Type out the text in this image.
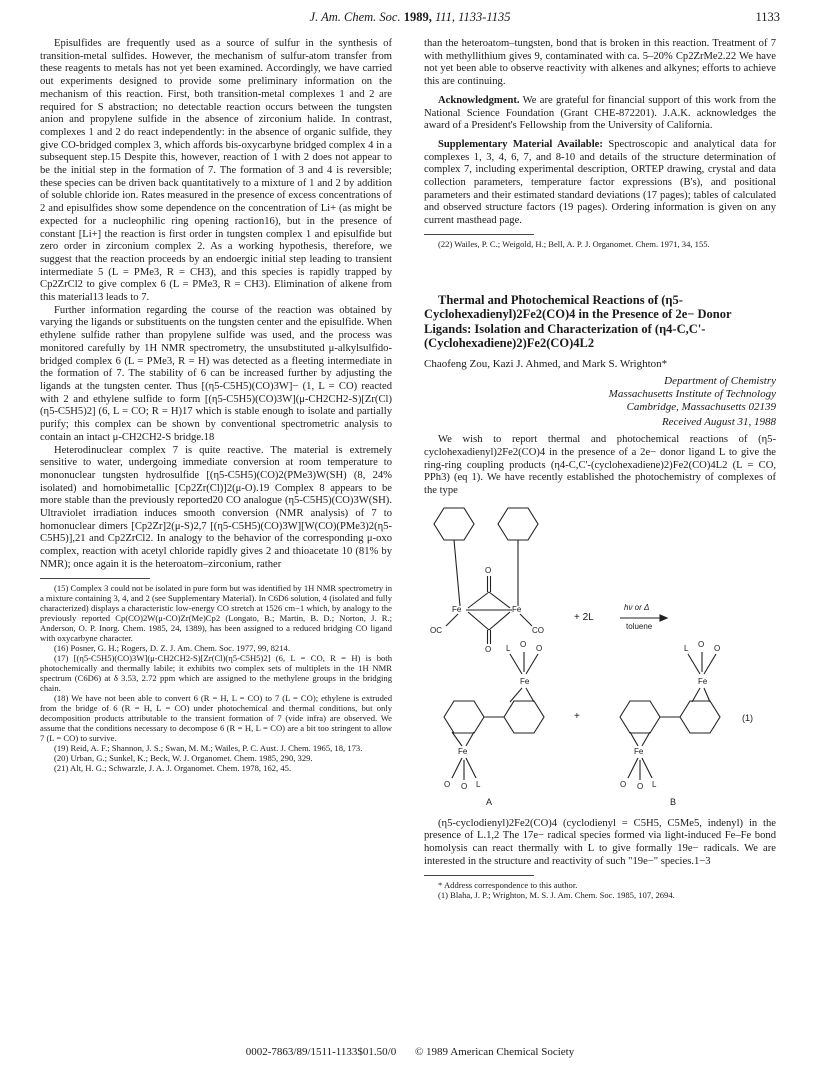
J. Am. Chem. Soc. 1989, 111, 1133-1135	1133

Episulfides are frequently used as a source of sulfur in the synthesis of transition-metal sulfides. However, the mechanism of sulfur-atom transfer from these reagents to metals has not yet been examined. Accordingly, we have carried out experiments designed to provide some preliminary information on the mechanism of this reaction. First, both transition-metal complexes 1 and 2 are required for S abstraction; no detectable reaction occurs between the tungsten anion and propylene sulfide in the absence of zirconium halide. In contrast, complexes 1 and 2 do react independently: in the absence of organic sulfide, they give CO-bridged complex 3, which affords bis-oxycarbyne bridged complex 4 in a subsequent step.15 Despite this, however, reaction of 1 with 2 does not appear to be the initial step in the formation of 7. The formation of 3 and 4 is reversible; these species can be driven back quantitatively to a mixture of 1 and 2 by addition of soluble chloride ion. Rates measured in the presence of excess concentrations of 2 and episulfides show some dependence on the concentration of Li+ (as might be expected for a nucleophilic ring opening raction16), but in the presence of constant [Li+] the reaction is first order in tungsten complex 1 and episulfide but zero order in zirconium complex 2. As a working hypothesis, therefore, we suggest that the reaction proceeds by an endoergic initial step leading to transient intermediate 5 (L = PMe3, R = CH3), and this species is rapidly trapped by Cp2ZrCl2 to give complex 6 (L = PMe3, R = CH3). Elimination of alkene from this material13 leads to 7.

Further information regarding the course of the reaction was obtained by varying the ligands or substituents on the tungsten center and the episulfide. When ethylene sulfide rather than propylene sulfide was used, and the process was monitored carefully by 1H NMR spectrometry, the unsubstituted μ-alkylsulfido-bridged complex 6 (L = PMe3, R = H) was detected as a fleeting intermediate in the formation of 7. The stability of 6 can be increased further by adjusting the ligands at the tungsten center. Thus [(η5-C5H5)(CO)3W]− (1, L = CO) reacted with 2 and ethylene sulfide to form [(η5-C5H5)(CO)3W](μ-CH2CH2-S)[Zr(Cl)(η5-C5H5)2] (6, L = CO; R = H)17 which is stable enough to isolate and partially purify; this complex can be shown by conventional spectrometric analysis to contain an intact μ-CH2CH2-S bridge.18

Heterodinuclear complex 7 is quite reactive. The material is extremely sensitive to water, undergoing immediate conversion at room temperature to mononuclear tungsten hydrosulfide [(η5-C5H5)(CO)2(PMe3)W(SH) (8, 24% isolated) and homobimetallic [Cp2Zr(Cl)]2(μ-O).19 Complex 8 appears to be more stable than the previously reported20 CO analogue (η5-C5H5)(CO)3W(SH). Ultraviolet irradiation induces smooth conversion (NMR analysis) of 7 to homonuclear dimers [Cp2Zr]2(μ-S)2,7 [(η5-C5H5)(CO)3W][W(CO)(PMe3)2(η5-C5H5)],21 and Cp2ZrCl2. In analogy to the behavior of the corresponding μ-oxo complex, reaction with acetyl chloride rapidly gives 2 and thioacetate 10 (81% by NMR); once again it is the heteroatom–zirconium, rather

(15) Complex 3 could not be isolated in pure form but was identified by 1H NMR spectrometry in a mixture containing 3, 4, and 2 (see Supplementary Material). In C6D6 solution, 4 (isolated and fully characterized) displays a characteristic low-energy CO stretch at 1526 cm−1 which, by analogy to the previously reported Cp(CO)2W(μ-CO)Zr(Me)Cp2 (Longato, B.; Martin, B. D.; Norton, J. R.; Anderson, O. P. Inorg. Chem. 1985, 24, 1389), has been assigned to a reduced bridging CO ligand with oxycarbyne character.

(16) Posner, G. H.; Rogers, D. Z. J. Am. Chem. Soc. 1977, 99, 8214.

(17) [(η5-C5H5)(CO)3W](μ-CH2CH2-S)[Zr(Cl)(η5-C5H5)2] (6, L = CO, R = H) is both photochemically and thermally labile; it exhibits two complex sets of multiplets in the 1H NMR spectrum (C6D6) at δ 3.53, 2.72 ppm which are assigned to the methylene groups in the bridging chain.

(18) We have not been able to convert 6 (R = H, L = CO) to 7 (L = CO); ethylene is extruded from the bridge of 6 (R = H, L = CO) under photochemical and thermal conditions, but only decomposition products attributable to the transient formation of 7 (vide infra) are observed. We assume that the conditions necessary to decompose 6 (R = H, L = CO) are a bit too stringent to allow 7 (L = CO) to survive.

(19) Reid, A. F.; Shannon, J. S.; Swan, M. M.; Wailes, P. C. Aust. J. Chem. 1965, 18, 173.

(20) Urban, G.; Sunkel, K.; Beck, W. J. Organomet. Chem. 1985, 290, 329.

(21) Alt, H. G.; Schwarzle, J. A. J. Organomet. Chem. 1978, 162, 45.

than the heteroatom–tungsten, bond that is broken in this reaction. Treatment of 7 with methyllithium gives 9, contaminated with ca. 5–20% Cp2ZrMe2.22 We have not yet been able to observe reactivity with alkenes and alkynes; efforts to achieve this are continuing.

Acknowledgment. We are grateful for financial support of this work from the National Science Foundation (Grant CHE-872201). J.A.K. acknowledges the award of a President's Fellowship from the University of California.

Supplementary Material Available: Spectroscopic and analytical data for complexes 1, 3, 4, 6, 7, and 8-10 and details of the structure determination of complex 7, including experimental description, ORTEP drawing, crystal and data collection parameters, temperature factor expressions (B's), and positional parameters and their estimated standard deviations (17 pages); tables of calculated and observed structure factors (19 pages). Ordering information is given on any current masthead page.

(22) Wailes, P. C.; Weigold, H.; Bell, A. P. J. Organomet. Chem. 1971, 34, 155.

Thermal and Photochemical Reactions of (η5-Cyclohexadienyl)2Fe2(CO)4 in the Presence of 2e− Donor Ligands: Isolation and Characterization of (η4-C,C'-(Cyclohexadiene)2)Fe2(CO)4L2

Chaofeng Zou, Kazi J. Ahmed, and Mark S. Wrighton*
Department of Chemistry
Massachusetts Institute of Technology
Cambridge, Massachusetts 02139
Received August 31, 1988

We wish to report thermal and photochemical reactions of (η5-cyclohexadienyl)2Fe2(CO)4 in the presence of a 2e− donor ligand L to give the ring-ring coupling products (η4-C,C'-(cyclohexadiene)2)Fe2(CO)4L2 (L = CO, PPh3) (eq 1). We have recently established the photochemistry of complexes of the type

O
O
Fe	Fe
OC	CO
+ 2L
hν or Δ
toluene
O
L	O
Fe
Fe
O	L
O
A
+
O
L	O
Fe
Fe
O	L
O
B
(1)

(η5-cyclodienyl)2Fe2(CO)4 (cyclodienyl = C5H5, C5Me5, indenyl) in the presence of L.1,2 The 17e− radical species formed via light-induced Fe–Fe bond homolysis can react thermally with L to give formally 19e− radicals. We are interested in the structure and reactivity of such "19e−" species.1−3

* Address correspondence to this author.

(1) Blaha, J. P.; Wrighton, M. S. J. Am. Chem. Soc. 1985, 107, 2694.

0002-7863/89/1511-1133$01.50/0 © 1989 American Chemical Society
